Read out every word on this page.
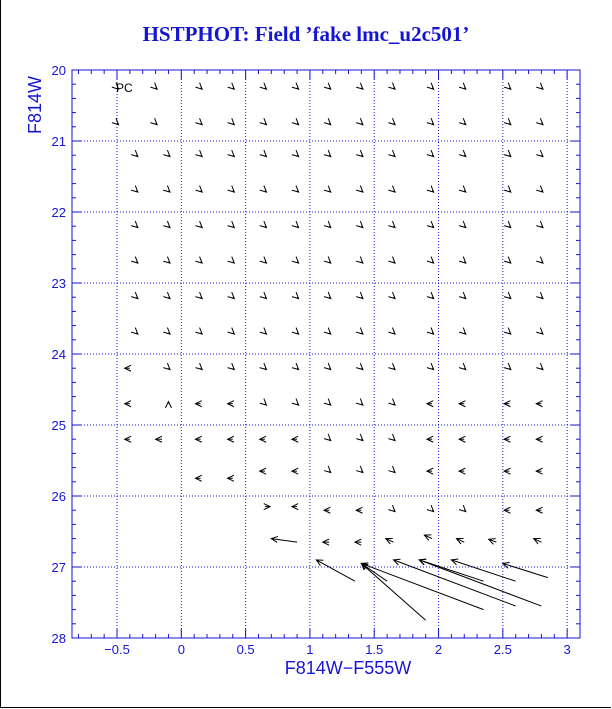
HSTPHOT: Field ’fake lmc_u2c501’
−0.5	0	0.5	1	1.5	2	2.5	3
20
21
22
23
24
25
26
27
28
PC
F814W−F555W
F814W
